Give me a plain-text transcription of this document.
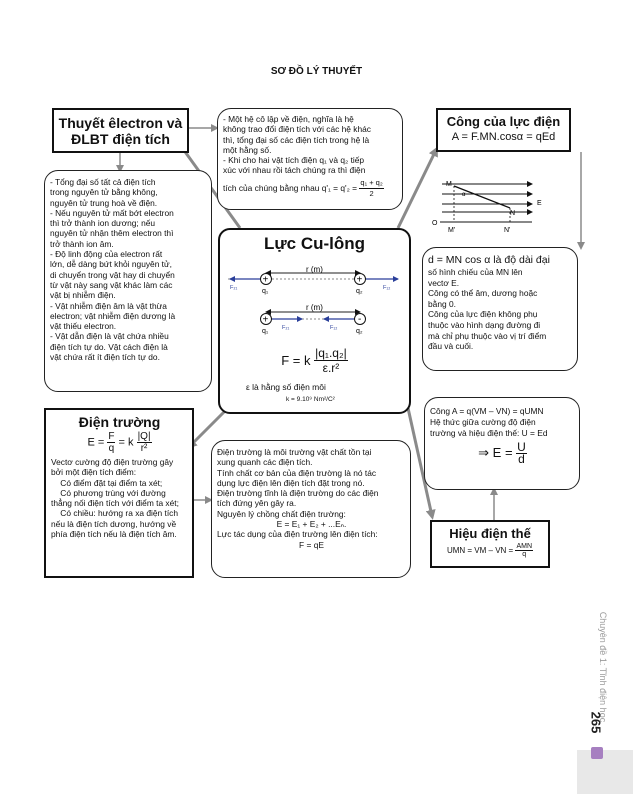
SƠ ĐỒ LÝ THUYẾT
Thuyết êlectron và
ĐLBT điện tích
- Một hệ cô lập về điện, nghĩa là hệ
không trao đổi điện tích với các hệ khác
thì, tổng đại số các điện tích trong hệ là
một hằng số.
- Khi cho hai vật tích điện q₁ và q₂ tiếp
xúc với nhau rồi tách chúng ra thì điện
tích của chúng bằng nhau $q'_1 = q'_2 = \frac{\text{q₁ + q₂}}{2}$
Công của lực điện
A = F.MN.cosα = qEd
M
α
N
E
O
M'	N'
- Tổng đại số tất cả điện tích
trong nguyên tử bằng không,
nguyên tử trung hoà về điện.
- Nếu nguyên tử mất bớt electron
thì trở thành ion dương; nếu
nguyên tử nhận thêm electron thì
trở thành ion âm.
- Độ linh động của electron rất
lớn, dễ dàng bứt khỏi nguyên tử,
di chuyển trong vật hay di chuyển
từ vật này sang vật khác làm các
vật bị nhiễm điện.
- Vật nhiễm điện âm là vật thừa
electron; vật nhiễm điện dương là
vật thiếu electron.
- Vật dẫn điện là vật chứa nhiều
điện tích tự do. Vật cách điện là
vật chứa rất ít điện tích tự do.
Lực Cu-lông
+	+
r (m)
q₁	q₂
F₂₁	F₁₂
+	-
r (m)
q₁	q₂
F₂₁	F₁₂
F = k $\frac{\text{|q₁.q₂|}}{\text{ε.r²}}$
ε là hằng số điện môi
k = 9.10⁹ Nm²/C²
d = MN cos α là độ dài đại
số hình chiếu của MN lên
vectơ E.
Công có thể âm, dương hoặc
bằng 0.
Công của lực điện không phụ
thuộc vào hình dạng đường đi
mà chỉ phụ thuộc vào vị trí điểm
đầu và cuối.
Điện trường
$E = \frac{F}{q} = k \frac{|Q|}{\text{r²}}$
Vectơ cường độ điện trường gây
bởi một điện tích điểm:
Có điểm đặt tại điểm ta xét;
Có phương trùng với đường
thẳng nối điện tích với điểm ta xét;
Có chiều: hướng ra xa điện tích
nếu là điện tích dương, hướng về
phía điện tích nếu là điện tích âm.
Điện trường là môi trường vật chất tồn tại
xung quanh các điện tích.
Tính chất cơ bản của điện trường là nó tác
dụng lực điện lên điện tích đặt trong nó.
Điện trường tĩnh là điện trường do các điện
tích đứng yên gây ra.
Nguyên lý chồng chất điện trường:
E = E₁ + E₂ + ...Eₙ.
Lực tác dụng của điện trường lên điện tích:
F = qE
Công A = q(VM – VN) = qUMN
Hệ thức giữa cường độ điện
trường và hiệu điện thế: U = Ed
⇒ $E = \frac{U}{d}$
Hiệu điện thế
UMN = VM – VN = $\frac{\text{AMN}}{q}$
Chuyên đề 1: Tĩnh điện học
265
